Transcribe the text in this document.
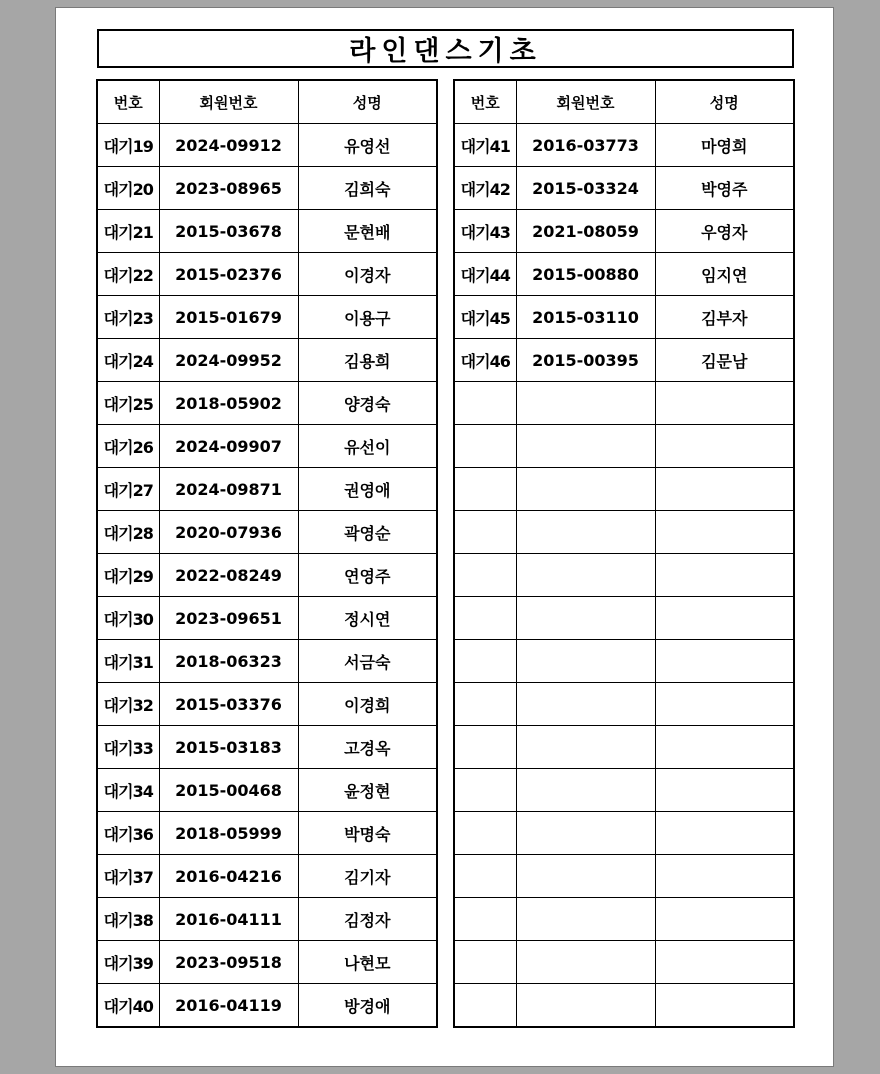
라인댄스기초
번호	회원번호	성명
대기19	2024-09912	유영선
대기20	2023-08965	김희숙
대기21	2015-03678	문현배
대기22	2015-02376	이경자
대기23	2015-01679	이용구
대기24	2024-09952	김용희
대기25	2018-05902	양경숙
대기26	2024-09907	유선이
대기27	2024-09871	권영애
대기28	2020-07936	곽영순
대기29	2022-08249	연영주
대기30	2023-09651	정시연
대기31	2018-06323	서금숙
대기32	2015-03376	이경희
대기33	2015-03183	고경옥
대기34	2015-00468	윤정현
대기36	2018-05999	박명숙
대기37	2016-04216	김기자
대기38	2016-04111	김정자
대기39	2023-09518	나현모
대기40	2016-04119	방경애
번호	회원번호	성명
대기41	2016-03773	마영희
대기42	2015-03324	박영주
대기43	2021-08059	우영자
대기44	2015-00880	임지연
대기45	2015-03110	김부자
대기46	2015-00395	김문남
